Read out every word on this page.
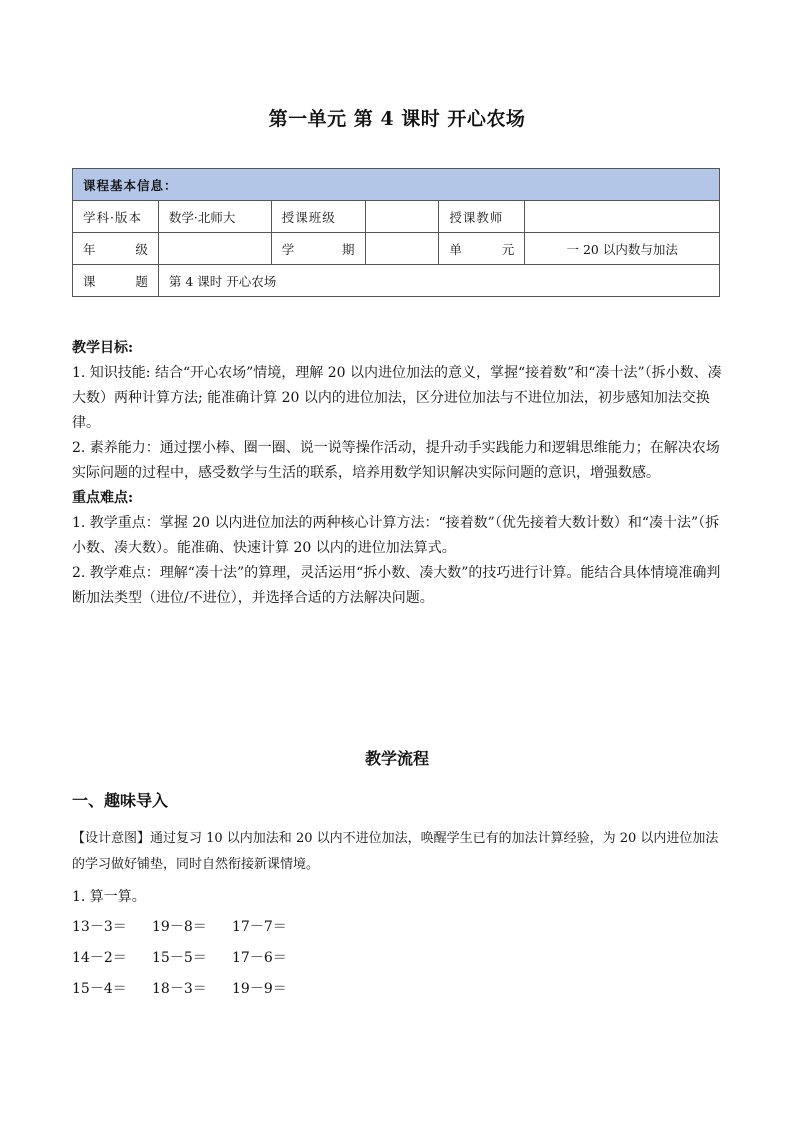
第一单元 第 4 课时 开心农场
课程基本信息：					
学科·版本	数学·北师大	授课班级		授课教师	
年 级		学 期		单 元	一 20 以内数与加法
课 题	第 4 课时 开心农场				
教学目标:
1. 知识技能: 结合“开心农场”情境，理解 20 以内进位加法的意义，掌握“接着数”和“凑十法”（拆小数、凑大数）两种计算方法; 能准确计算 20 以内的进位加法，区分进位加法与不进位加法，初步感知加法交换律。
2. 素养能力：通过摆小棒、圈一圈、说一说等操作活动，提升动手实践能力和逻辑思维能力；在解决农场实际问题的过程中，感受数学与生活的联系，培养用数学知识解决实际问题的意识，增强数感。
重点难点:
1. 教学重点：掌握 20 以内进位加法的两种核心计算方法：“接着数”（优先接着大数计数）和“凑十法”（拆小数、凑大数）。能准确、快速计算 20 以内的进位加法算式。
2. 教学难点：理解“凑十法”的算理，灵活运用“拆小数、凑大数”的技巧进行计算。能结合具体情境准确判断加法类型（进位/不进位），并选择合适的方法解决问题。
教学流程
一、趣味导入
【设计意图】通过复习 10 以内加法和 20 以内不进位加法，唤醒学生已有的加法计算经验，为 20 以内进位加法的学习做好铺垫，同时自然衔接新课情境。
1. 算一算。
13－3＝	19－8＝	17－7＝
14－2＝	15－5＝	17－6＝
15－4＝	18－3＝	19－9＝
